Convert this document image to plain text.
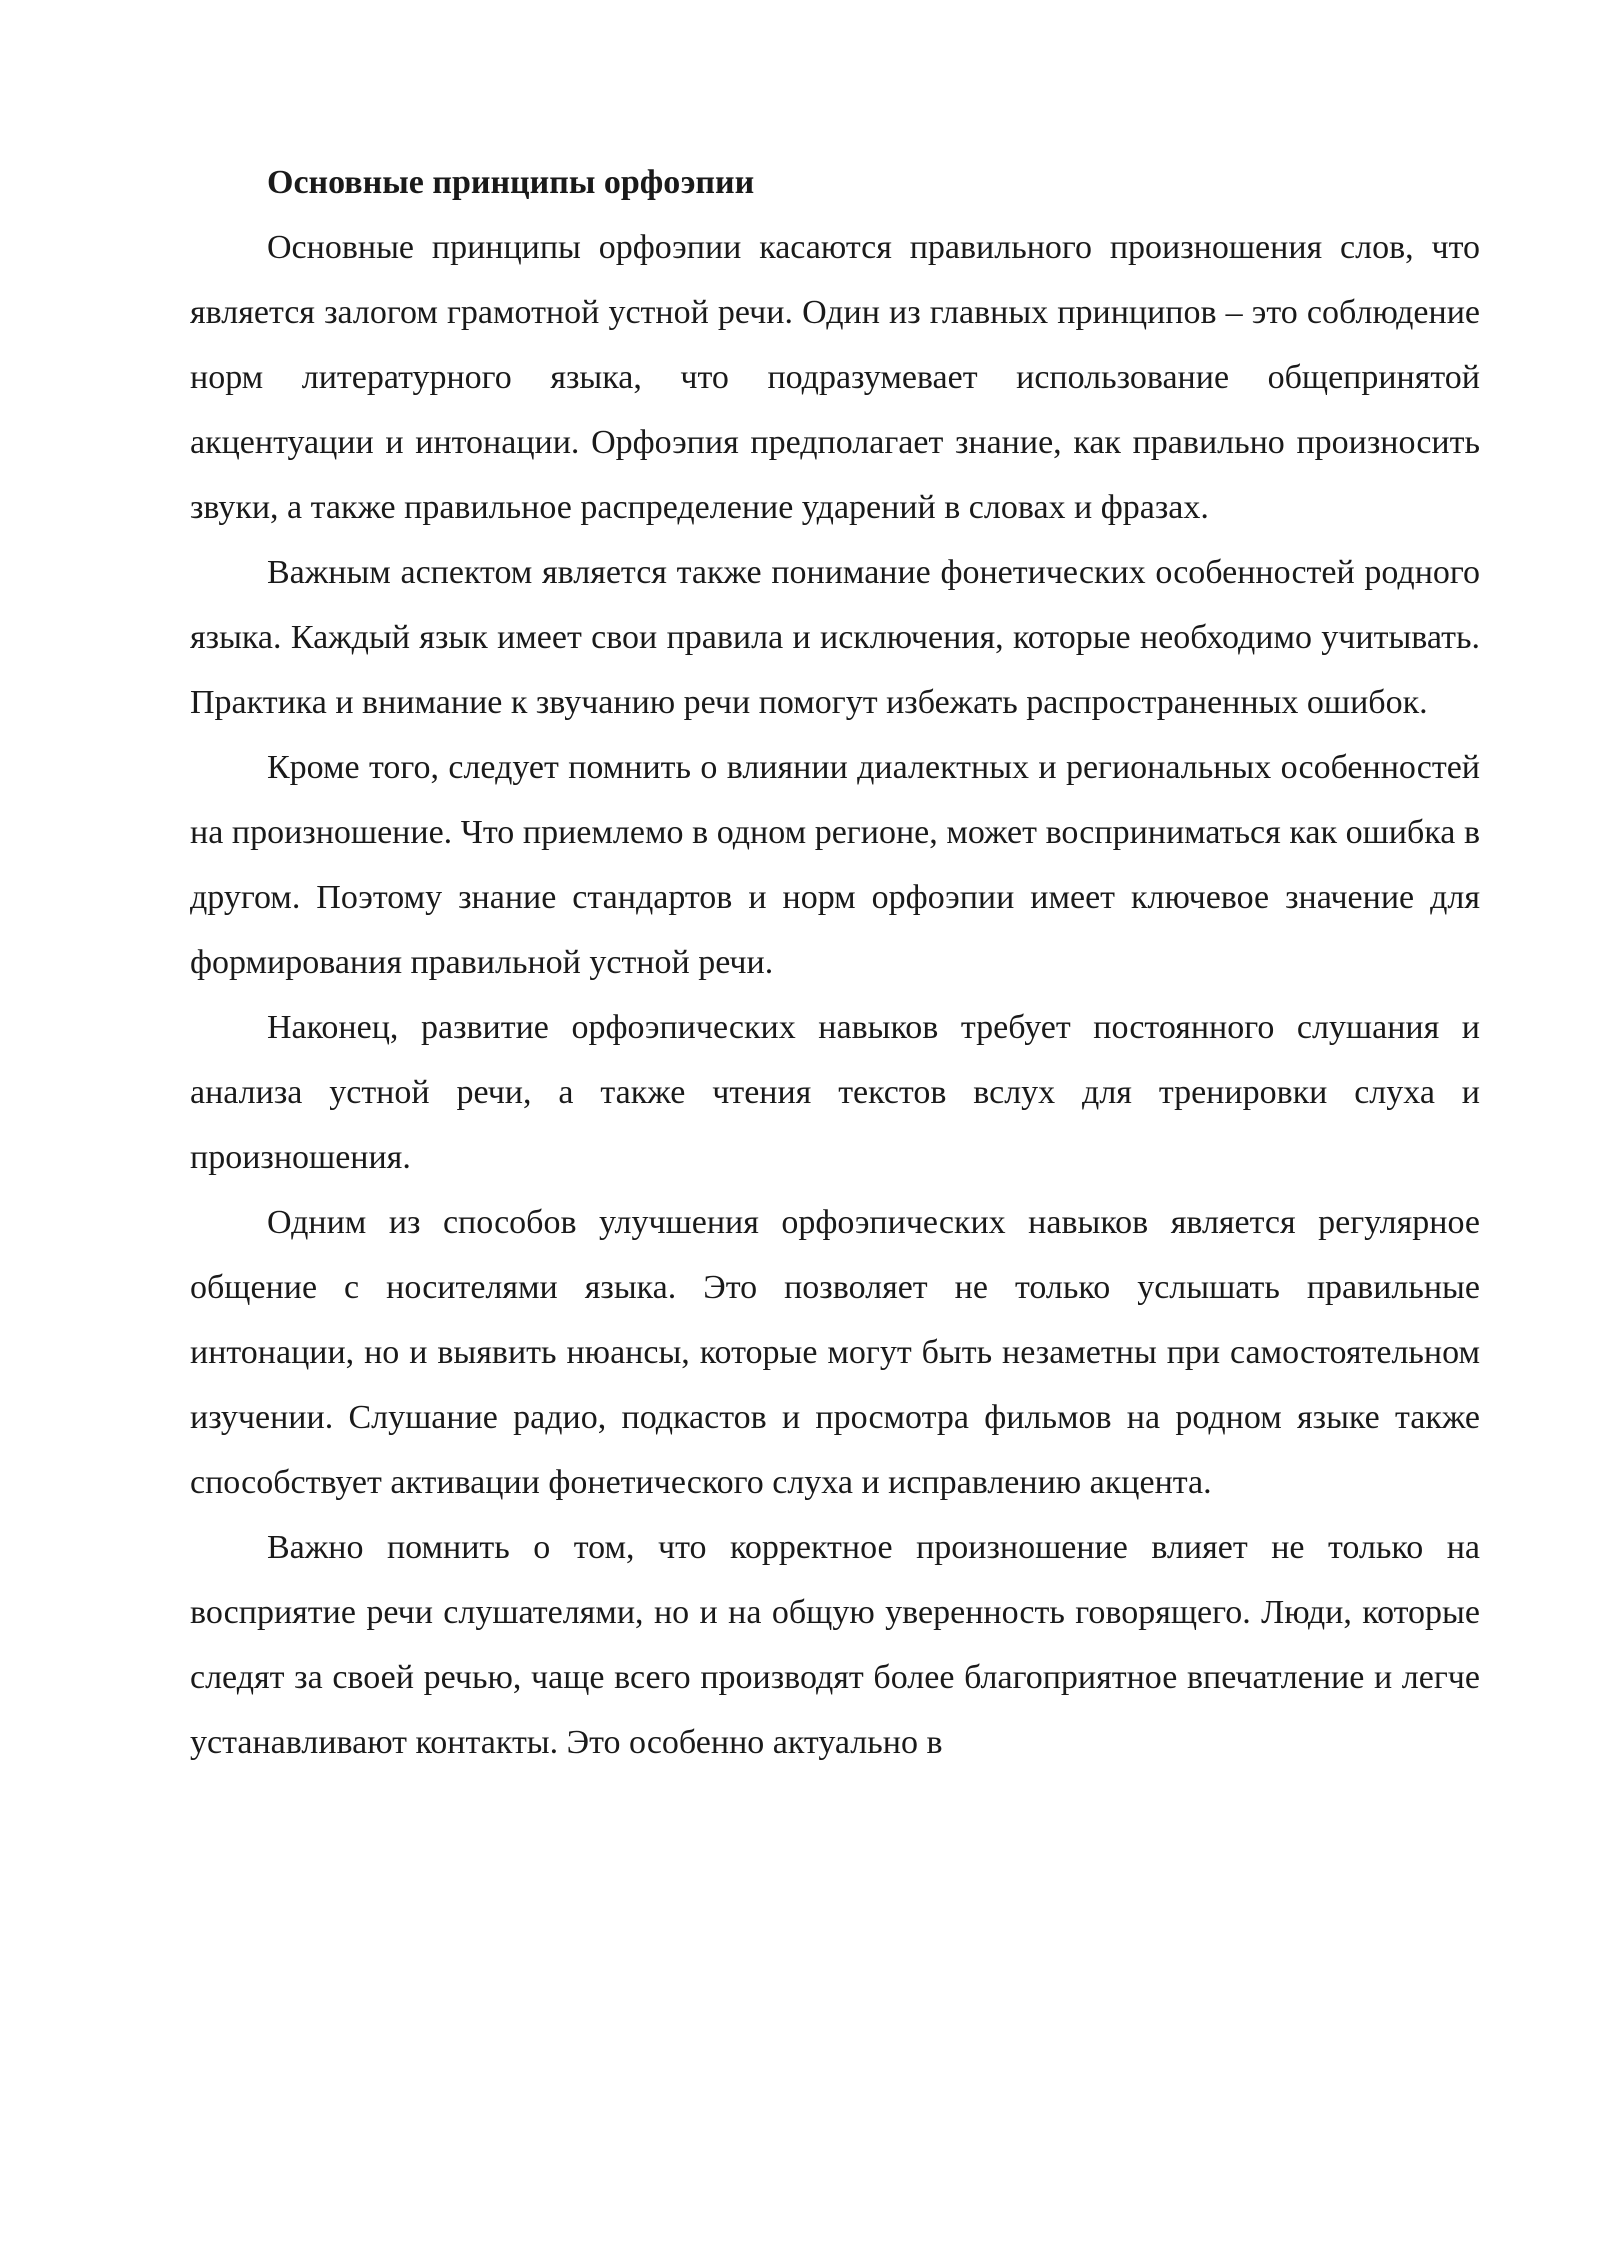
Основные принципы орфоэпии

Основные принципы орфоэпии касаются правильного произношения слов, что является залогом грамотной устной речи. Один из главных принципов – это соблюдение норм литературного языка, что подразумевает использование общепринятой акцентуации и интонации. Орфоэпия предполагает знание, как правильно произносить звуки, а также правильное распределение ударений в словах и фразах.

Важным аспектом является также понимание фонетических особенностей родного языка. Каждый язык имеет свои правила и исключения, которые необходимо учитывать. Практика и внимание к звучанию речи помогут избежать распространенных ошибок.

Кроме того, следует помнить о влиянии диалектных и региональных особенностей на произношение. Что приемлемо в одном регионе, может восприниматься как ошибка в другом. Поэтому знание стандартов и норм орфоэпии имеет ключевое значение для формирования правильной устной речи.

Наконец, развитие орфоэпических навыков требует постоянного слушания и анализа устной речи, а также чтения текстов вслух для тренировки слуха и произношения.

Одним из способов улучшения орфоэпических навыков является регулярное общение с носителями языка. Это позволяет не только услышать правильные интонации, но и выявить нюансы, которые могут быть незаметны при самостоятельном изучении. Слушание радио, подкастов и просмотра фильмов на родном языке также способствует активации фонетического слуха и исправлению акцента.

Важно помнить о том, что корректное произношение влияет не только на восприятие речи слушателями, но и на общую уверенность говорящего. Люди, которые следят за своей речью, чаще всего производят более благоприятное впечатление и легче устанавливают контакты. Это особенно актуально в
